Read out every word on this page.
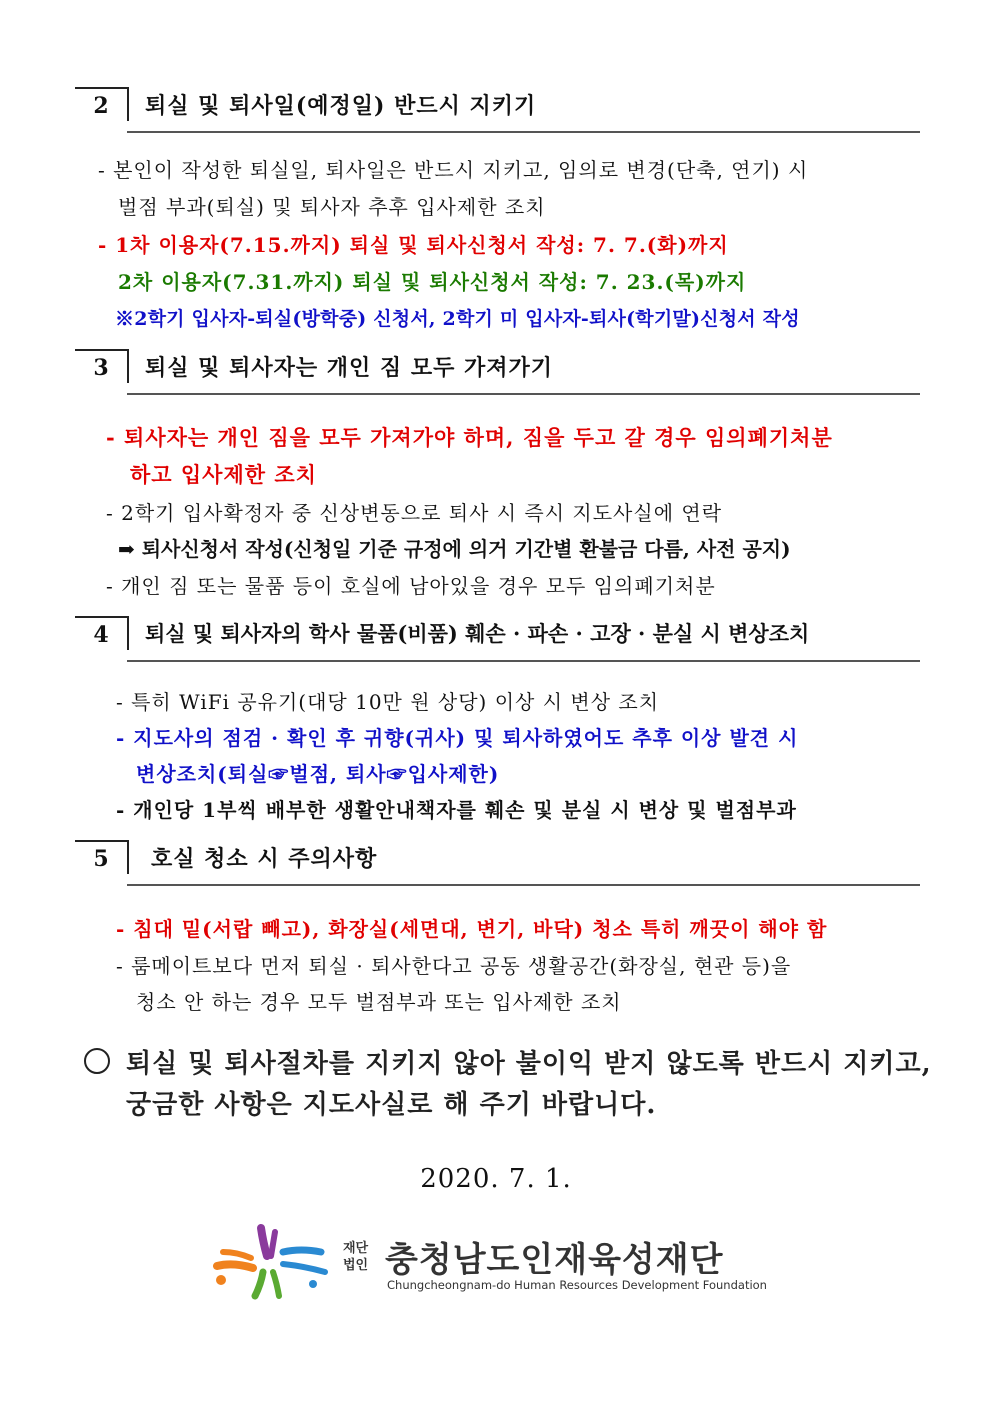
2	퇴실 및 퇴사일(예정일) 반드시 지키기
- 본인이 작성한 퇴실일, 퇴사일은 반드시 지키고, 임의로 변경(단축, 연기) 시
벌점 부과(퇴실) 및 퇴사자 추후 입사제한 조치
- 1차 이용자(7.15.까지) 퇴실 및 퇴사신청서 작성: 7. 7.(화)까지
2차 이용자(7.31.까지) 퇴실 및 퇴사신청서 작성: 7. 23.(목)까지
※2학기 입사자-퇴실(방학중) 신청서, 2학기 미 입사자-퇴사(학기말)신청서 작성
3	퇴실 및 퇴사자는 개인 짐 모두 가져가기
- 퇴사자는 개인 짐을 모두 가져가야 하며, 짐을 두고 갈 경우 임의폐기처분
하고 입사제한 조치
- 2학기 입사확정자 중 신상변동으로 퇴사 시 즉시 지도사실에 연락
➡ 퇴사신청서 작성(신청일 기준 규정에 의거 기간별 환불금 다름, 사전 공지)
- 개인 짐 또는 물품 등이 호실에 남아있을 경우 모두 임의폐기처분
4	퇴실 및 퇴사자의 학사 물품(비품) 훼손 · 파손 · 고장 · 분실 시 변상조치
- 특히 WiFi 공유기(대당 10만 원 상당) 이상 시 변상 조치
- 지도사의 점검 · 확인 후 귀향(귀사) 및 퇴사하였어도 추후 이상 발견 시
변상조치(퇴실☞벌점, 퇴사☞입사제한)
- 개인당 1부씩 배부한 생활안내책자를 훼손 및 분실 시 변상 및 벌점부과
5	호실 청소 시 주의사항
- 침대 밑(서랍 빼고), 화장실(세면대, 변기, 바닥) 청소 특히 깨끗이 해야 함
- 룸메이트보다 먼저 퇴실 · 퇴사한다고 공동 생활공간(화장실, 현관 등)을
청소 안 하는 경우 모두 벌점부과 또는 입사제한 조치
퇴실 및 퇴사절차를 지키지 않아 불이익 받지 않도록 반드시 지키고,
궁금한 사항은 지도사실로 해 주기 바랍니다.
2020. 7. 1.
재단
법인 충청남도인재육성재단
Chungcheongnam-do Human Resources Development Foundation
